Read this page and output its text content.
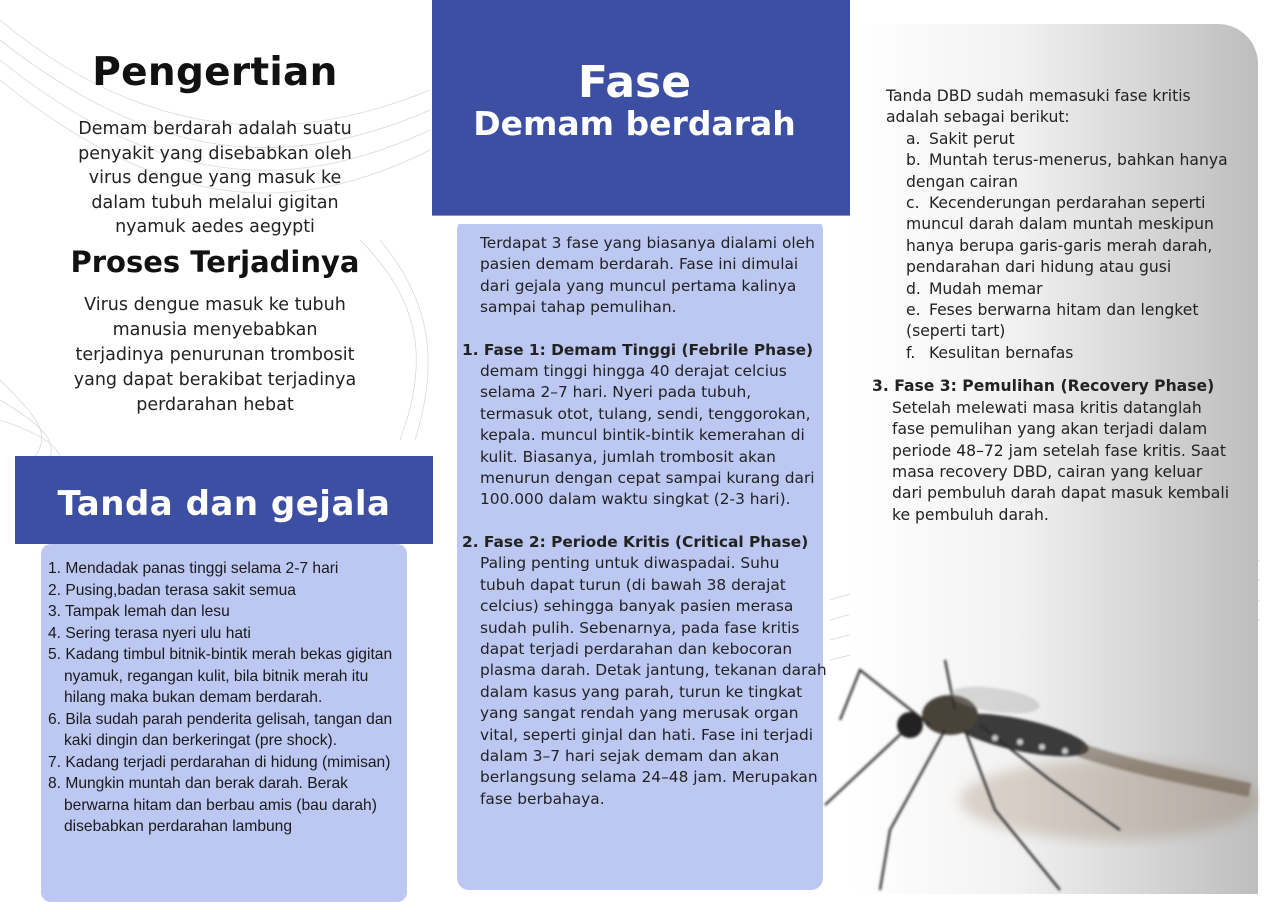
Pengertian
Demam berdarah adalah suatu penyakit yang disebabkan oleh virus dengue yang masuk ke dalam tubuh melalui gigitan nyamuk aedes aegypti
Proses Terjadinya
Virus dengue masuk ke tubuh manusia menyebabkan terjadinya penurunan trombosit yang dapat berakibat terjadinya perdarahan hebat
Tanda dan gejala
1. Mendadak panas tinggi selama 2-7 hari
2. Pusing,badan terasa sakit semua
3. Tampak lemah dan lesu
4. Sering terasa nyeri ulu hati
5. Kadang timbul bitnik-bintik merah bekas gigitan nyamuk, regangan kulit, bila bitnik merah itu hilang maka bukan demam berdarah.
6. Bila sudah parah penderita gelisah, tangan dan kaki dingin dan berkeringat (pre shock).
7. Kadang terjadi perdarahan di hidung (mimisan)
8. Mungkin muntah dan berak darah. Berak berwarna hitam dan berbau amis (bau darah) disebabkan perdarahan lambung
Fase
Demam berdarah

Terdapat 3 fase yang biasanya dialami oleh pasien demam berdarah. Fase ini dimulai dari gejala yang muncul pertama kalinya sampai tahap pemulihan.

1. Fase 1: Demam Tinggi (Febrile Phase)

demam tinggi hingga 40 derajat celcius selama 2–7 hari. Nyeri pada tubuh, termasuk otot, tulang, sendi, tenggorokan, kepala. muncul bintik-bintik kemerahan di kulit. Biasanya, jumlah trombosit akan menurun dengan cepat sampai kurang dari 100.000 dalam waktu singkat (2-3 hari).

2. Fase 2: Periode Kritis (Critical Phase)

Paling penting untuk diwaspadai. Suhu tubuh dapat turun (di bawah 38 derajat celcius) sehingga banyak pasien merasa sudah pulih. Sebenarnya, pada fase kritis dapat terjadi perdarahan dan kebocoran plasma darah. Detak jantung, tekanan darah dalam kasus yang parah, turun ke tingkat yang sangat rendah yang merusak organ vital, seperti ginjal dan hati. Fase ini terjadi dalam 3–7 hari sejak demam dan akan berlangsung selama 24–48 jam. Merupakan fase berbahaya.

Tanda DBD sudah memasuki fase kritis adalah sebagai berikut:

a. Sakit perut

b. Muntah terus-menerus, bahkan hanya dengan cairan

c. Kecenderungan perdarahan seperti muncul darah dalam muntah meskipun hanya berupa garis-garis merah darah, pendarahan dari hidung atau gusi

d. Mudah memar

e. Feses berwarna hitam dan lengket (seperti tart)

f. Kesulitan bernafas

3. Fase 3: Pemulihan (Recovery Phase)

Setelah melewati masa kritis datanglah fase pemulihan yang akan terjadi dalam periode 48–72 jam setelah fase kritis. Saat masa recovery DBD, cairan yang keluar dari pembuluh darah dapat masuk kembali ke pembuluh darah.
